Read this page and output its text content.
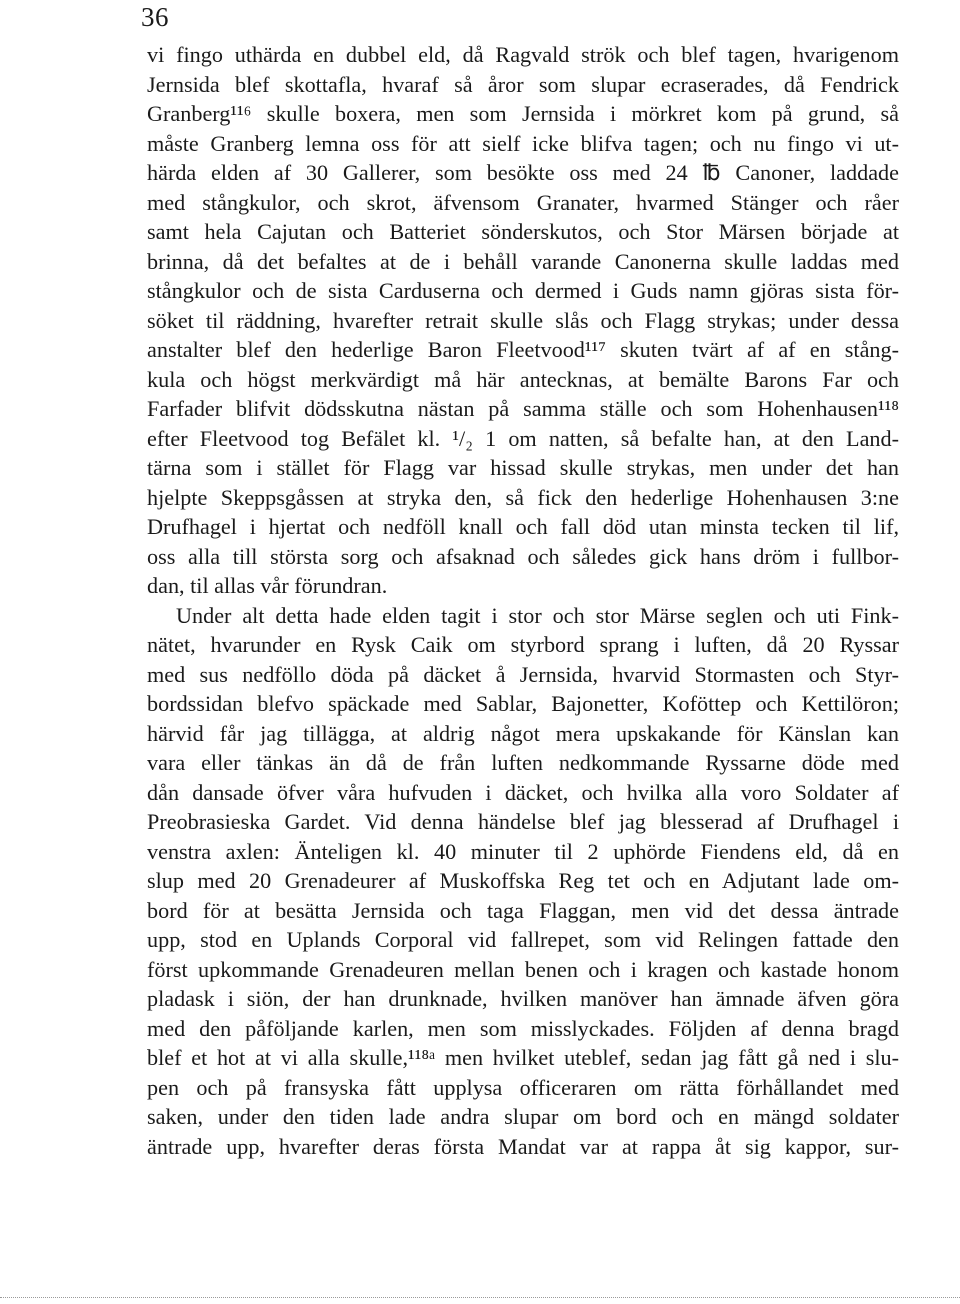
36
vi fingo uthärda en dubbel eld, då Ragvald strök och blef tagen, hvarigenom
Jernsida blef skottafla, hvaraf så åror som slupar ecraserades, då Fendrick
Granberg¹¹⁶ skulle boxera, men som Jernsida i mörkret kom på grund, så
måste Granberg lemna oss för att sielf icke blifva tagen; och nu fingo vi ut-
härda elden af 30 Gallerer, som besökte oss med 24 ℔ Canoner, laddade
med stångkulor, och skrot, äfvensom Granater, hvarmed Stänger och råer
samt hela Cajutan och Batteriet sönderskutos, och Stor Märsen började at
brinna, då det befaltes at de i behåll varande Canonerna skulle laddas med
stångkulor och de sista Carduserna och dermed i Guds namn gjöras sista för-
söket til räddning, hvarefter retrait skulle slås och Flagg strykas; under dessa
anstalter blef den hederlige Baron Fleetvood¹¹⁷ skuten tvärt af af en stång-
kula och högst merkvärdigt må här antecknas, at bemälte Barons Far och
Farfader blifvit dödsskutna nästan på samma ställe och som Hohenhausen¹¹⁸
efter Fleetvood tog Befälet kl. ¹/₂ 1 om natten, så befalte han, at den Land-
tärna som i stället för Flagg var hissad skulle strykas, men under det han
hjelpte Skeppsgåssen at stryka den, så fick den hederlige Hohenhausen 3:ne
Drufhagel i hjertat och nedföll knall och fall död utan minsta tecken til lif,
oss alla till största sorg och afsaknad och således gick hans dröm i fullbor-
dan, til allas vår förundran.
Under alt detta hade elden tagit i stor och stor Märse seglen och uti Fink-
nätet, hvarunder en Rysk Caik om styrbord sprang i luften, då 20 Ryssar
med sus nedföllo döda på däcket å Jernsida, hvarvid Stormasten och Styr-
bordssidan blefvo späckade med Sablar, Bajonetter, Koföttер och Kettilöron;
härvid får jag tillägga, at aldrig något mera upskakande för Känslan kan
vara eller tänkas än då de från luften nedkommande Ryssarne döde med
dån dansade öfver våra hufvuden i däcket, och hvilka alla voro Soldater af
Preobrasieska Gardet. Vid denna händelse blef jag blesserad af Drufhagel i
venstra axlen: Änteligen kl. 40 minuter til 2 uphörde Fiendens eld, då en
slup med 20 Grenadeurer af Muskoffska Reg tet och en Adjutant lade om-
bord för at besätta Jernsida och taga Flaggan, men vid det dessa äntrade
upp, stod en Uplands Corporal vid fallrepet, som vid Relingen fattade den
först upkommande Grenadeuren mellan benen och i kragen och kastade honom
pladask i siön, der han drunknade, hvilken manöver han ämnade äfven göra
med den påföljande karlen, men som misslyckades. Följden af denna bragd
blef et hot at vi alla skulle,¹¹⁸ᵃ men hvilket uteblef, sedan jag fått gå ned i slu-
pen och på fransyska fått upplysa officeraren om rätta förhållandet med
saken, under den tiden lade andra slupar om bord och en mängd soldater
äntrade upp, hvarefter deras första Mandat var at rappa åt sig kappor, sur-
